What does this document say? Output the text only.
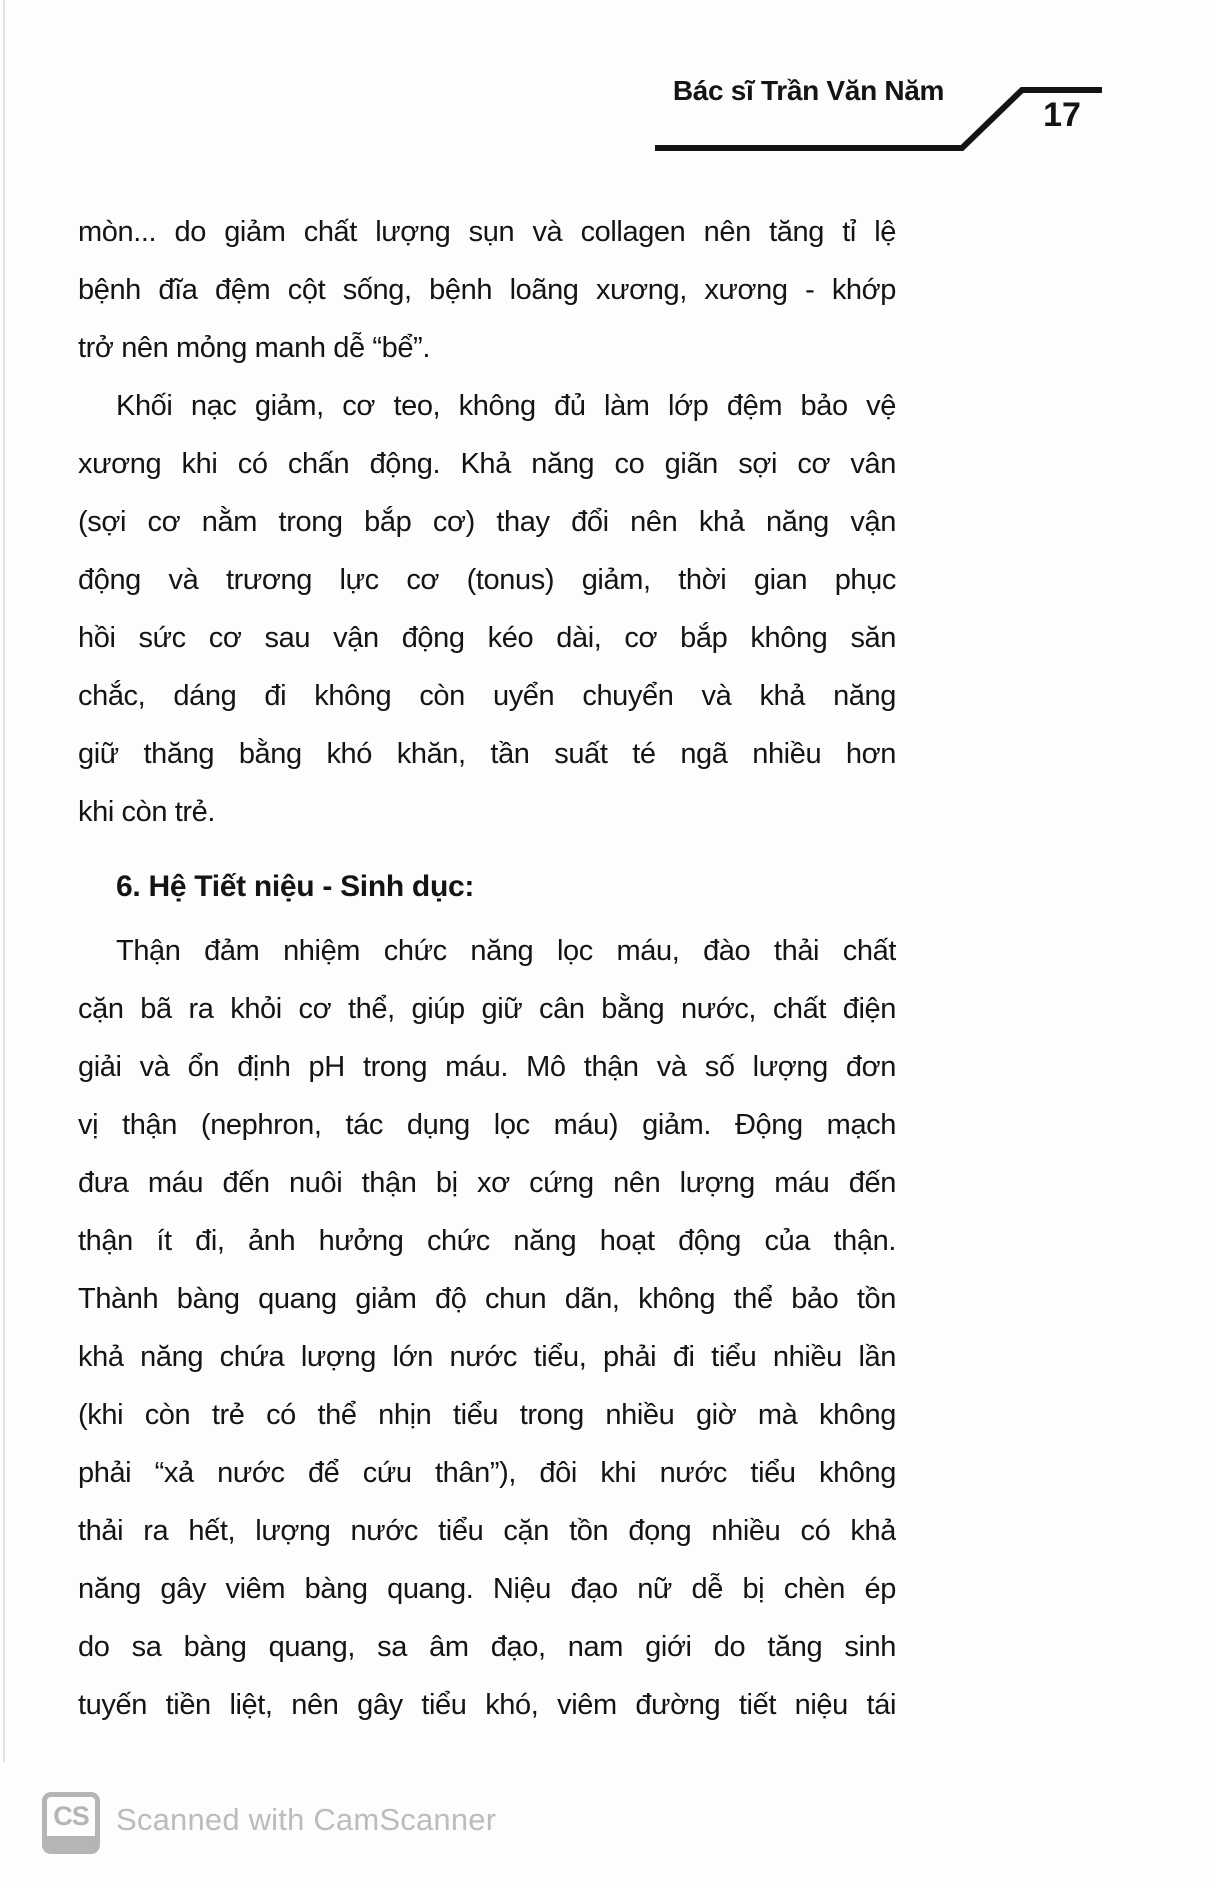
Bác sĩ Trần Văn Năm
17
mòn... do giảm chất lượng sụn và collagen nên tăng tỉ lệ
bệnh đĩa đệm cột sống, bệnh loãng xương, xương - khớp
trở nên mỏng manh dễ “bể”.
Khối nạc giảm, cơ teo, không đủ làm lớp đệm bảo vệ
xương khi có chấn động. Khả năng co giãn sợi cơ vân
(sợi cơ nằm trong bắp cơ) thay đổi nên khả năng vận
động và trương lực cơ (tonus) giảm, thời gian phục
hồi sức cơ sau vận động kéo dài, cơ bắp không săn
chắc, dáng đi không còn uyển chuyển và khả năng
giữ thăng bằng khó khăn, tần suất té ngã nhiều hơn
khi còn trẻ.
6. Hệ Tiết niệu - Sinh dục:
Thận đảm nhiệm chức năng lọc máu, đào thải chất
cặn bã ra khỏi cơ thể, giúp giữ cân bằng nước, chất điện
giải và ổn định pH trong máu. Mô thận và số lượng đơn
vị thận (nephron, tác dụng lọc máu) giảm. Động mạch
đưa máu đến nuôi thận bị xơ cứng nên lượng máu đến
thận ít đi, ảnh hưởng chức năng hoạt động của thận.
Thành bàng quang giảm độ chun dãn, không thể bảo tồn
khả năng chứa lượng lớn nước tiểu, phải đi tiểu nhiều lần
(khi còn trẻ có thể nhịn tiểu trong nhiều giờ mà không
phải “xả nước để cứu thân”), đôi khi nước tiểu không
thải ra hết, lượng nước tiểu cặn tồn đọng nhiều có khả
năng gây viêm bàng quang. Niệu đạo nữ dễ bị chèn ép
do sa bàng quang, sa âm đạo, nam giới do tăng sinh
tuyến tiền liệt, nên gây tiểu khó, viêm đường tiết niệu tái
CS Scanned with CamScanner
